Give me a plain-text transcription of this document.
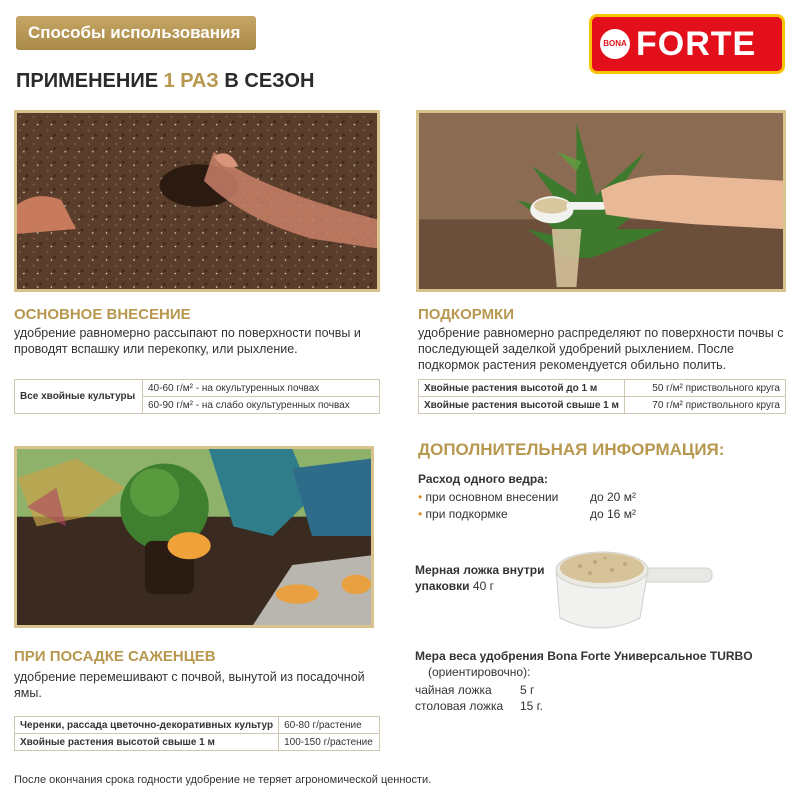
Способы использования
BONA FORTE
ПРИМЕНЕНИЕ 1 РАЗ В СЕЗОН
ОСНОВНОЕ ВНЕСЕНИЕ
удобрение равномерно рассыпают по поверхности почвы и проводят вспашку или перекопку, или рыхление.
Все хвойные культуры	40-60 г/м² - на окультуренных почвах
60-90 г/м² - на слабо окультуренных почвах
ПОДКОРМКИ
удобрение равномерно распределяют по поверхности почвы с последующей заделкой удобрений рыхлением. После подкормок растения рекомендуется обильно полить.
Хвойные растения высотой до 1 м	50 г/м² приствольного круга
Хвойные растения высотой свыше 1 м	70 г/м² приствольного круга
ПРИ ПОСАДКЕ САЖЕНЦЕВ
удобрение перемешивают с почвой, вынутой из посадочной ямы.
Черенки, рассада цветочно-декоративных культур	60-80 г/растение
Хвойные растения высотой свыше 1 м	100-150 г/растение
ДОПОЛНИТЕЛЬНАЯ ИНФОРМАЦИЯ:
Расход одного ведра:
• при основном внесении	до 20 м²
• при подкормке	до 16 м²
Мерная ложка внутри
упаковки 40 г
Мера веса удобрения Bona Forte Универсальное TURBO
(ориентировочно):
чайная ложка 5 г
столовая ложка 15 г.
После окончания срока годности удобрение не теряет агрономической ценности.
